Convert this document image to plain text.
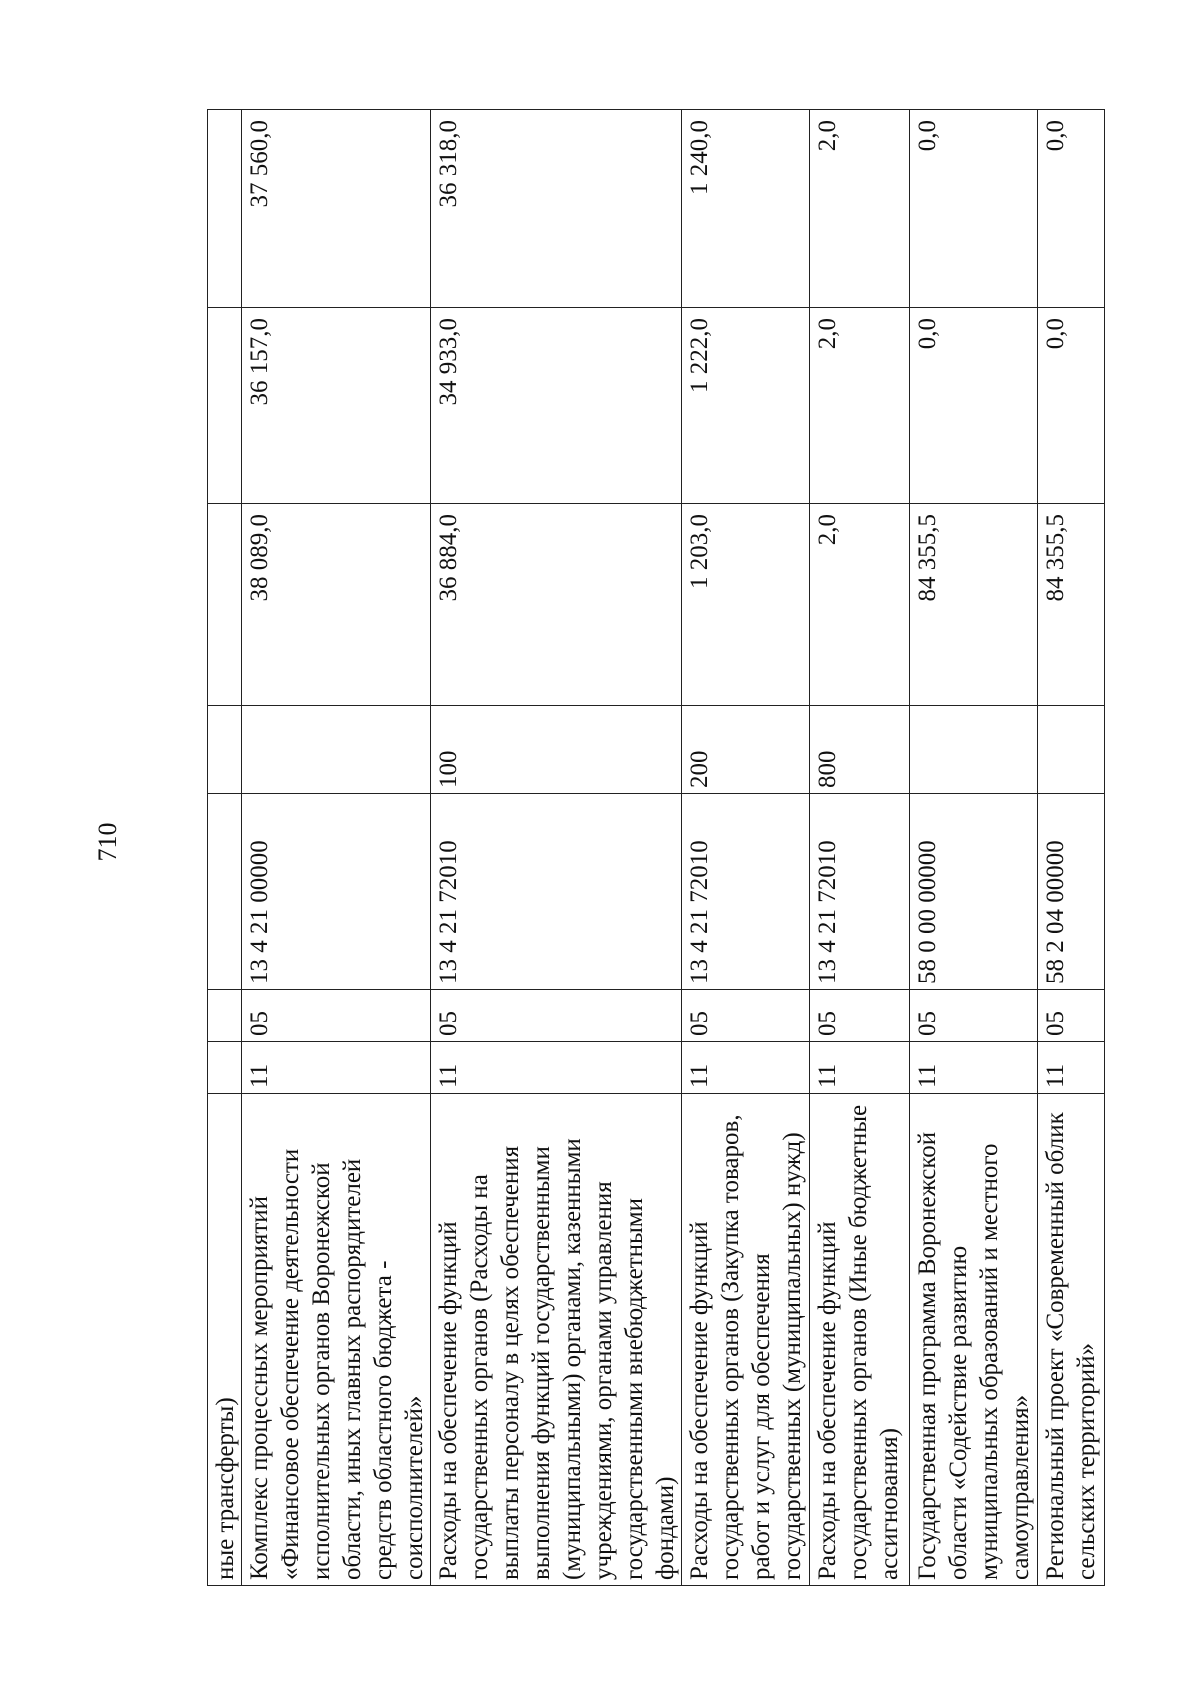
710
ные трансферты)							
Комплекс процессных мероприятий «Финансовое обеспечение деятельности исполнительных органов Воронежской области, иных главных распорядителей средств областного бюджета - соисполнителей»	11	05	13 4 21 00000		38 089,0	36 157,0	37 560,0
Расходы на обеспечение функций государственных органов (Расходы на выплаты персоналу в целях обеспечения выполнения функций государственными (муниципальными) органами, казенными учреждениями, органами управления государственными внебюджетными фондами)	11	05	13 4 21 72010	100	36 884,0	34 933,0	36 318,0
Расходы на обеспечение функций государственных органов (Закупка товаров, работ и услуг для обеспечения государственных (муниципальных) нужд)	11	05	13 4 21 72010	200	1 203,0	1 222,0	1 240,0
Расходы на обеспечение функций государственных органов (Иные бюджетные ассигнования)	11	05	13 4 21 72010	800	2,0	2,0	2,0
Государственная программа Воронежской области «Содействие развитию муниципальных образований и местного самоуправления»	11	05	58 0 00 00000		84 355,5	0,0	0,0
Региональный проект «Современный облик сельских территорий»	11	05	58 2 04 00000		84 355,5	0,0	0,0
